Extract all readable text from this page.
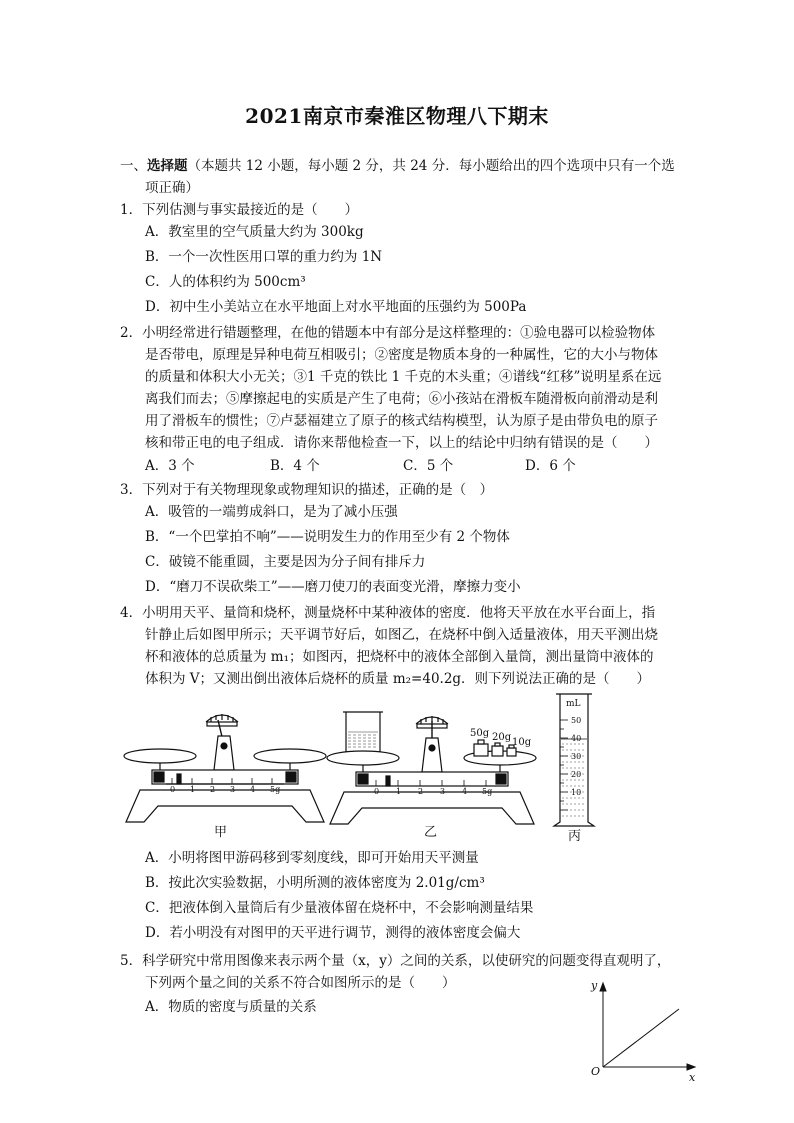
2021南京市秦淮区物理八下期末
一、选择题（本题共 12 小题，每小题 2 分，共 24 分．每小题给出的四个选项中只有一个选
项正确）
1．下列估测与事实最接近的是（　　）
A．教室里的空气质量大约为 300kg
B．一个一次性医用口罩的重力约为 1N
C．人的体积约为 500cm³
D．初中生小美站立在水平地面上对水平地面的压强约为 500Pa
2．小明经常进行错题整理，在他的错题本中有部分是这样整理的：①验电器可以检验物体
是否带电，原理是异种电荷互相吸引；②密度是物质本身的一种属性，它的大小与物体
的质量和体积大小无关；③1 千克的铁比 1 千克的木头重；④谱线“红移”说明星系在远
离我们而去；⑤摩擦起电的实质是产生了电荷；⑥小孩站在滑板车随滑板向前滑动是利
用了滑板车的惯性；⑦卢瑟福建立了原子的核式结构模型，认为原子是由带负电的原子
核和带正电的电子组成．请你来帮他检查一下，以上的结论中归纳有错误的是（　　）
A．3 个	B．4 个	C．5 个	D．6 个
3．下列对于有关物理现象或物理知识的描述，正确的是（　）
A．吸管的一端剪成斜口，是为了减小压强
B．“一个巴掌拍不响”——说明发生力的作用至少有 2 个物体
C．破镜不能重圆，主要是因为分子间有排斥力
D．“磨刀不误砍柴工”——磨刀使刀的表面变光滑，摩擦力变小
4．小明用天平、量筒和烧杯，测量烧杯中某种液体的密度．他将天平放在水平台面上，指
针静止后如图甲所示；天平调节好后，如图乙，在烧杯中倒入适量液体，用天平测出烧
杯和液体的总质量为 m₁；如图丙，把烧杯中的液体全部倒入量筒，测出量筒中液体的
体积为 V；又测出倒出液体后烧杯的质量 m₂=40.2g．则下列说法正确的是（　　）
0 1 2 3 4 5g
甲
0 1 2 3 4 5g
50g 20g 10g
乙
mL
50
40
30
20
10
丙
A．小明将图甲游码移到零刻度线，即可开始用天平测量
B．按此次实验数据，小明所测的液体密度为 2.01g/cm³
C．把液体倒入量筒后有少量液体留在烧杯中，不会影响测量结果
D．若小明没有对图甲的天平进行调节，测得的液体密度会偏大
5．科学研究中常用图像来表示两个量（x，y）之间的关系，以使研究的问题变得直观明了，
下列两个量之间的关系不符合如图所示的是（　　）
A．物质的密度与质量的关系
y
x
O
